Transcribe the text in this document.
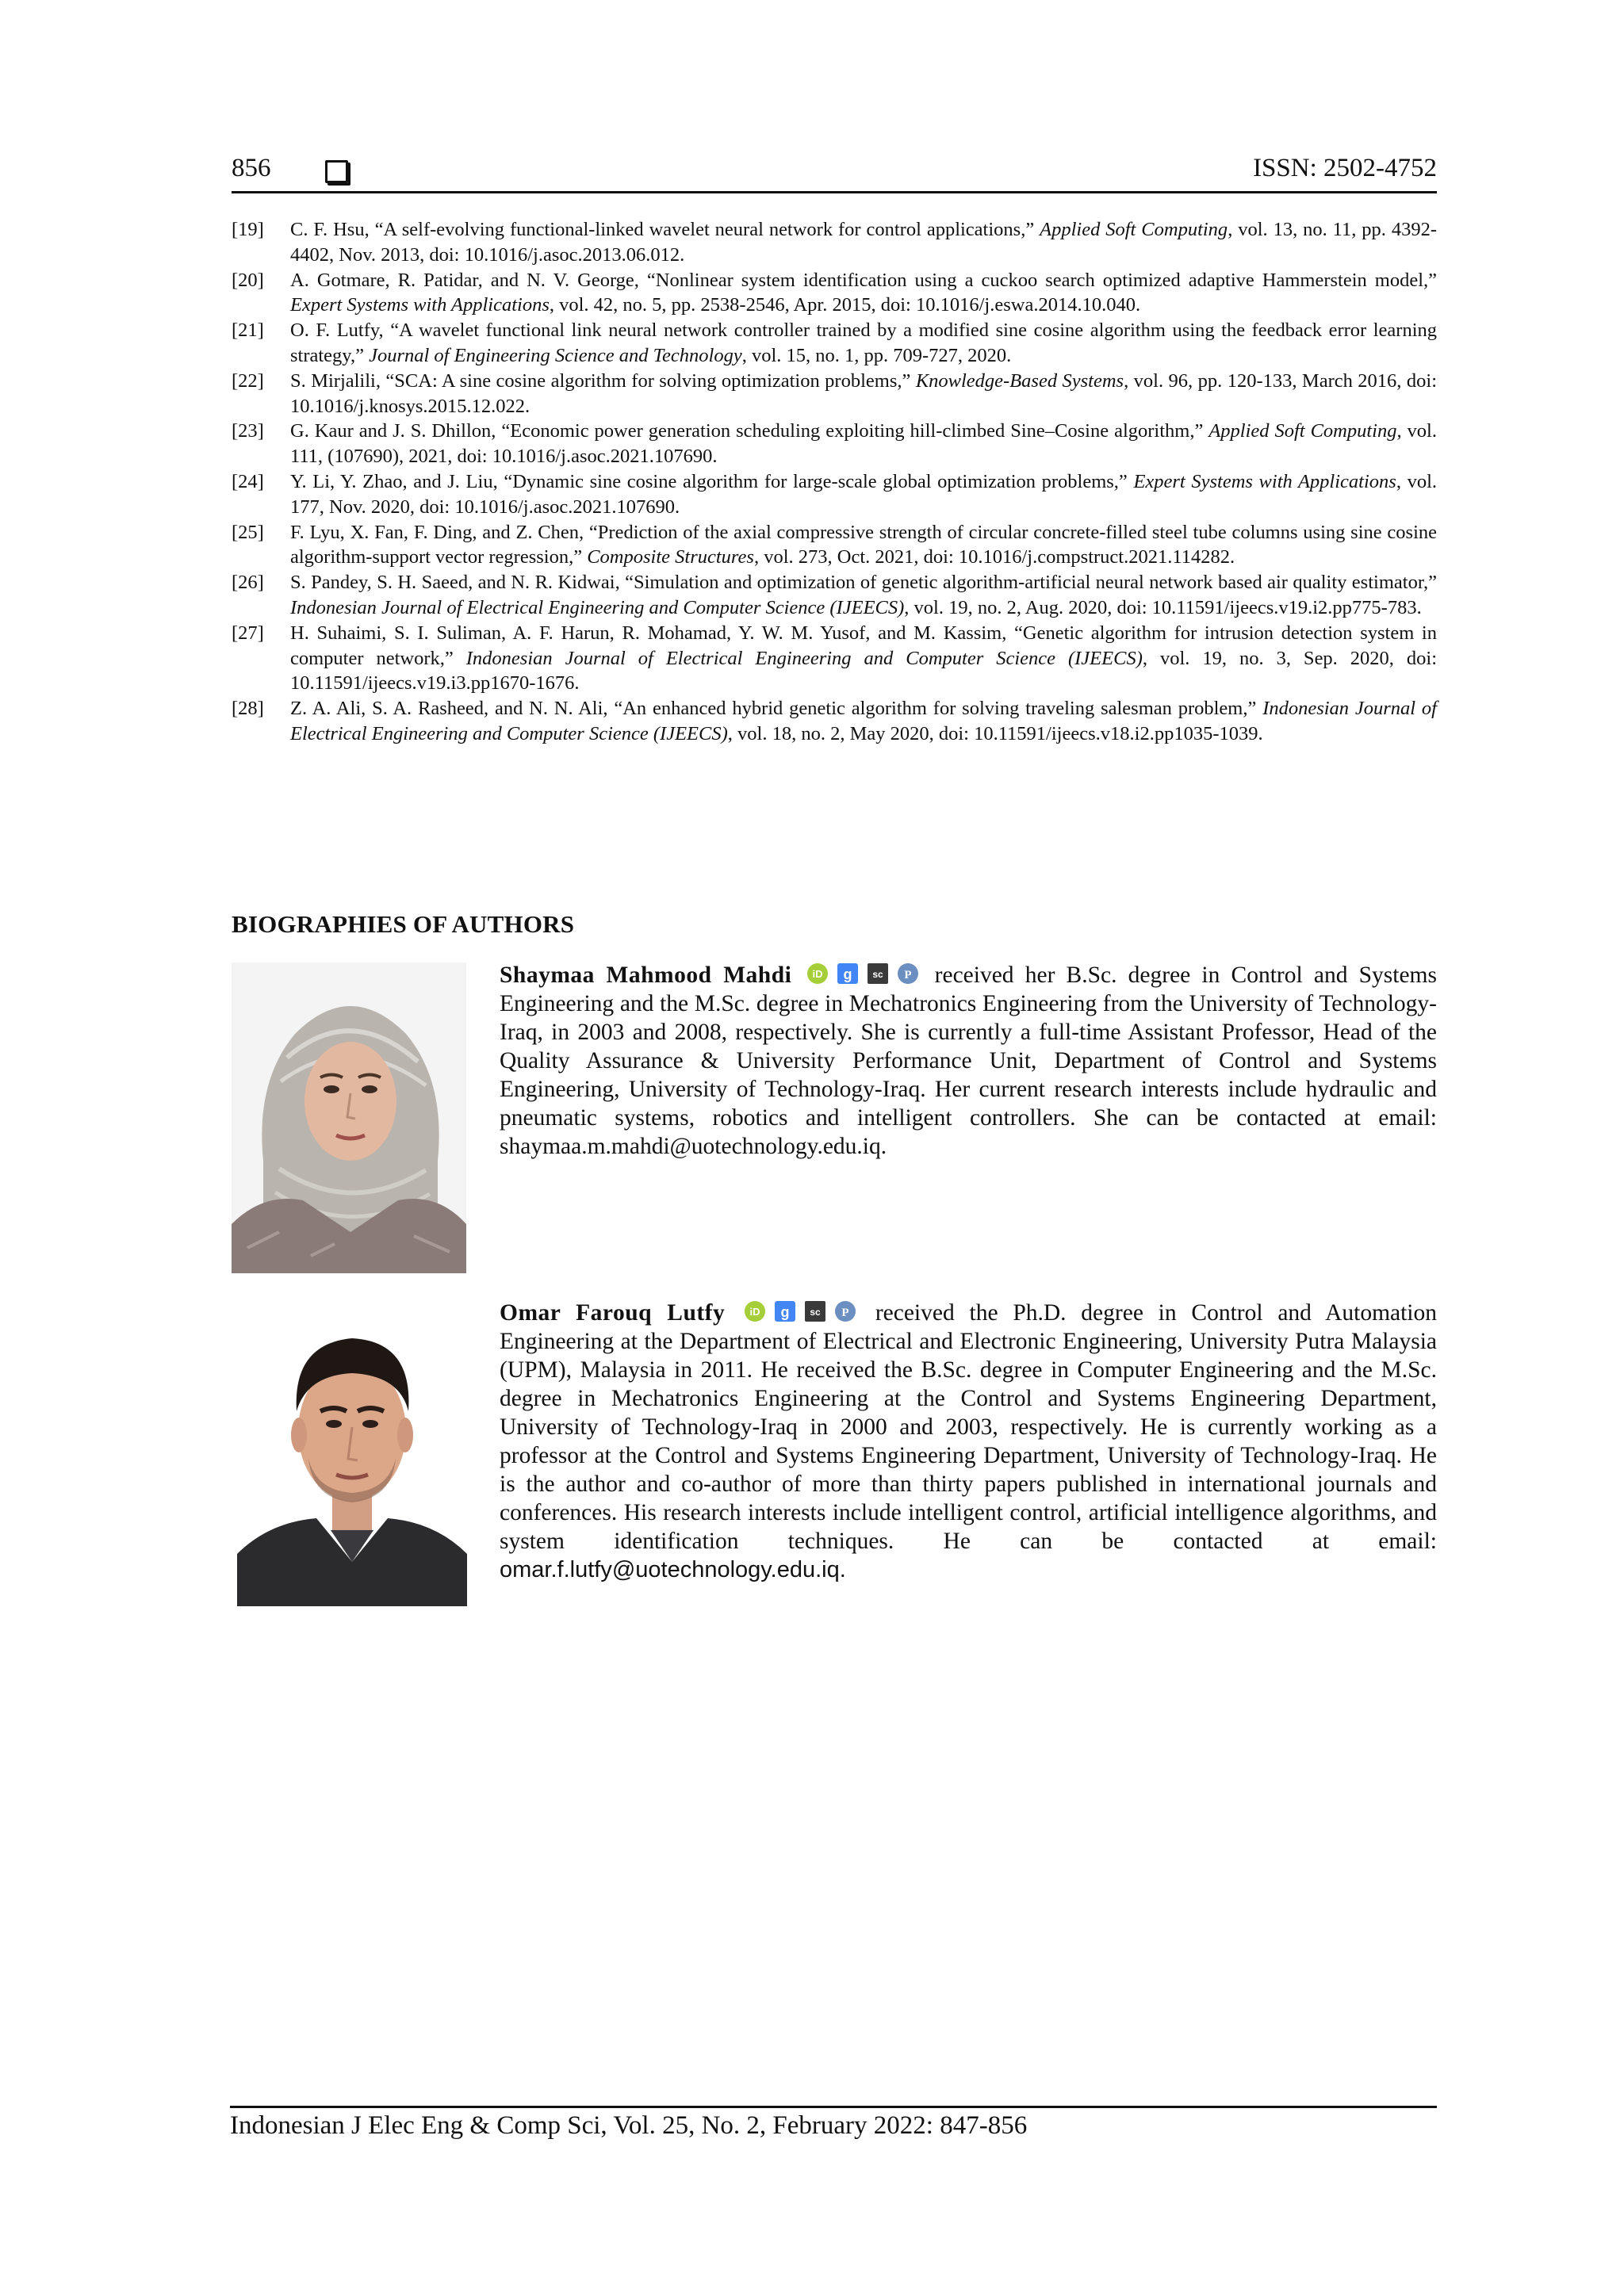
856	ISSN: 2502-4752
[19]	C. F. Hsu, “A self-evolving functional-linked wavelet neural network for control applications,” Applied Soft Computing, vol. 13, no. 11, pp. 4392-4402, Nov. 2013, doi: 10.1016/j.asoc.2013.06.012.
[20]	A. Gotmare, R. Patidar, and N. V. George, “Nonlinear system identification using a cuckoo search optimized adaptive Hammerstein model,” Expert Systems with Applications, vol. 42, no. 5, pp. 2538-2546, Apr. 2015, doi: 10.1016/j.eswa.2014.10.040.
[21]	O. F. Lutfy, “A wavelet functional link neural network controller trained by a modified sine cosine algorithm using the feedback error learning strategy,” Journal of Engineering Science and Technology, vol. 15, no. 1, pp. 709-727, 2020.
[22]	S. Mirjalili, “SCA: A sine cosine algorithm for solving optimization problems,” Knowledge-Based Systems, vol. 96, pp. 120-133, March 2016, doi: 10.1016/j.knosys.2015.12.022.
[23]	G. Kaur and J. S. Dhillon, “Economic power generation scheduling exploiting hill-climbed Sine–Cosine algorithm,” Applied Soft Computing, vol. 111, (107690), 2021, doi: 10.1016/j.asoc.2021.107690.
[24]	Y. Li, Y. Zhao, and J. Liu, “Dynamic sine cosine algorithm for large-scale global optimization problems,” Expert Systems with Applications, vol. 177, Nov. 2020, doi: 10.1016/j.asoc.2021.107690.
[25]	F. Lyu, X. Fan, F. Ding, and Z. Chen, “Prediction of the axial compressive strength of circular concrete-filled steel tube columns using sine cosine algorithm-support vector regression,” Composite Structures, vol. 273, Oct. 2021, doi: 10.1016/j.compstruct.2021.114282.
[26]	S. Pandey, S. H. Saeed, and N. R. Kidwai, “Simulation and optimization of genetic algorithm-artificial neural network based air quality estimator,” Indonesian Journal of Electrical Engineering and Computer Science (IJEECS), vol. 19, no. 2, Aug. 2020, doi: 10.11591/ijeecs.v19.i2.pp775-783.
[27]	H. Suhaimi, S. I. Suliman, A. F. Harun, R. Mohamad, Y. W. M. Yusof, and M. Kassim, “Genetic algorithm for intrusion detection system in computer network,” Indonesian Journal of Electrical Engineering and Computer Science (IJEECS), vol. 19, no. 3, Sep. 2020, doi: 10.11591/ijeecs.v19.i3.pp1670-1676.
[28]	Z. A. Ali, S. A. Rasheed, and N. N. Ali, “An enhanced hybrid genetic algorithm for solving traveling salesman problem,” Indonesian Journal of Electrical Engineering and Computer Science (IJEECS), vol. 18, no. 2, May 2020, doi: 10.11591/ijeecs.v18.i2.pp1035-1039.
BIOGRAPHIES OF AUTHORS
Shaymaa Mahmood Mahdi iD g sc P received her B.Sc. degree in Control and Systems Engineering and the M.Sc. degree in Mechatronics Engineering from the University of Technology-Iraq, in 2003 and 2008, respectively. She is currently a full-time Assistant Professor, Head of the Quality Assurance & University Performance Unit, Department of Control and Systems Engineering, University of Technology-Iraq. Her current research interests include hydraulic and pneumatic systems, robotics and intelligent controllers. She can be contacted at email: shaymaa.m.mahdi@uotechnology.edu.iq.
Omar Farouq Lutfy iD g sc P received the Ph.D. degree in Control and Automation Engineering at the Department of Electrical and Electronic Engineering, University Putra Malaysia (UPM), Malaysia in 2011. He received the B.Sc. degree in Computer Engineering and the M.Sc. degree in Mechatronics Engineering at the Control and Systems Engineering Department, University of Technology-Iraq in 2000 and 2003, respectively. He is currently working as a professor at the Control and Systems Engineering Department, University of Technology-Iraq. He is the author and co-author of more than thirty papers published in international journals and conferences. His research interests include intelligent control, artificial intelligence algorithms, and system identification techniques. He can be contacted at email: omar.f.lutfy@uotechnology.edu.iq.
Indonesian J Elec Eng & Comp Sci, Vol. 25, No. 2, February 2022: 847-856
